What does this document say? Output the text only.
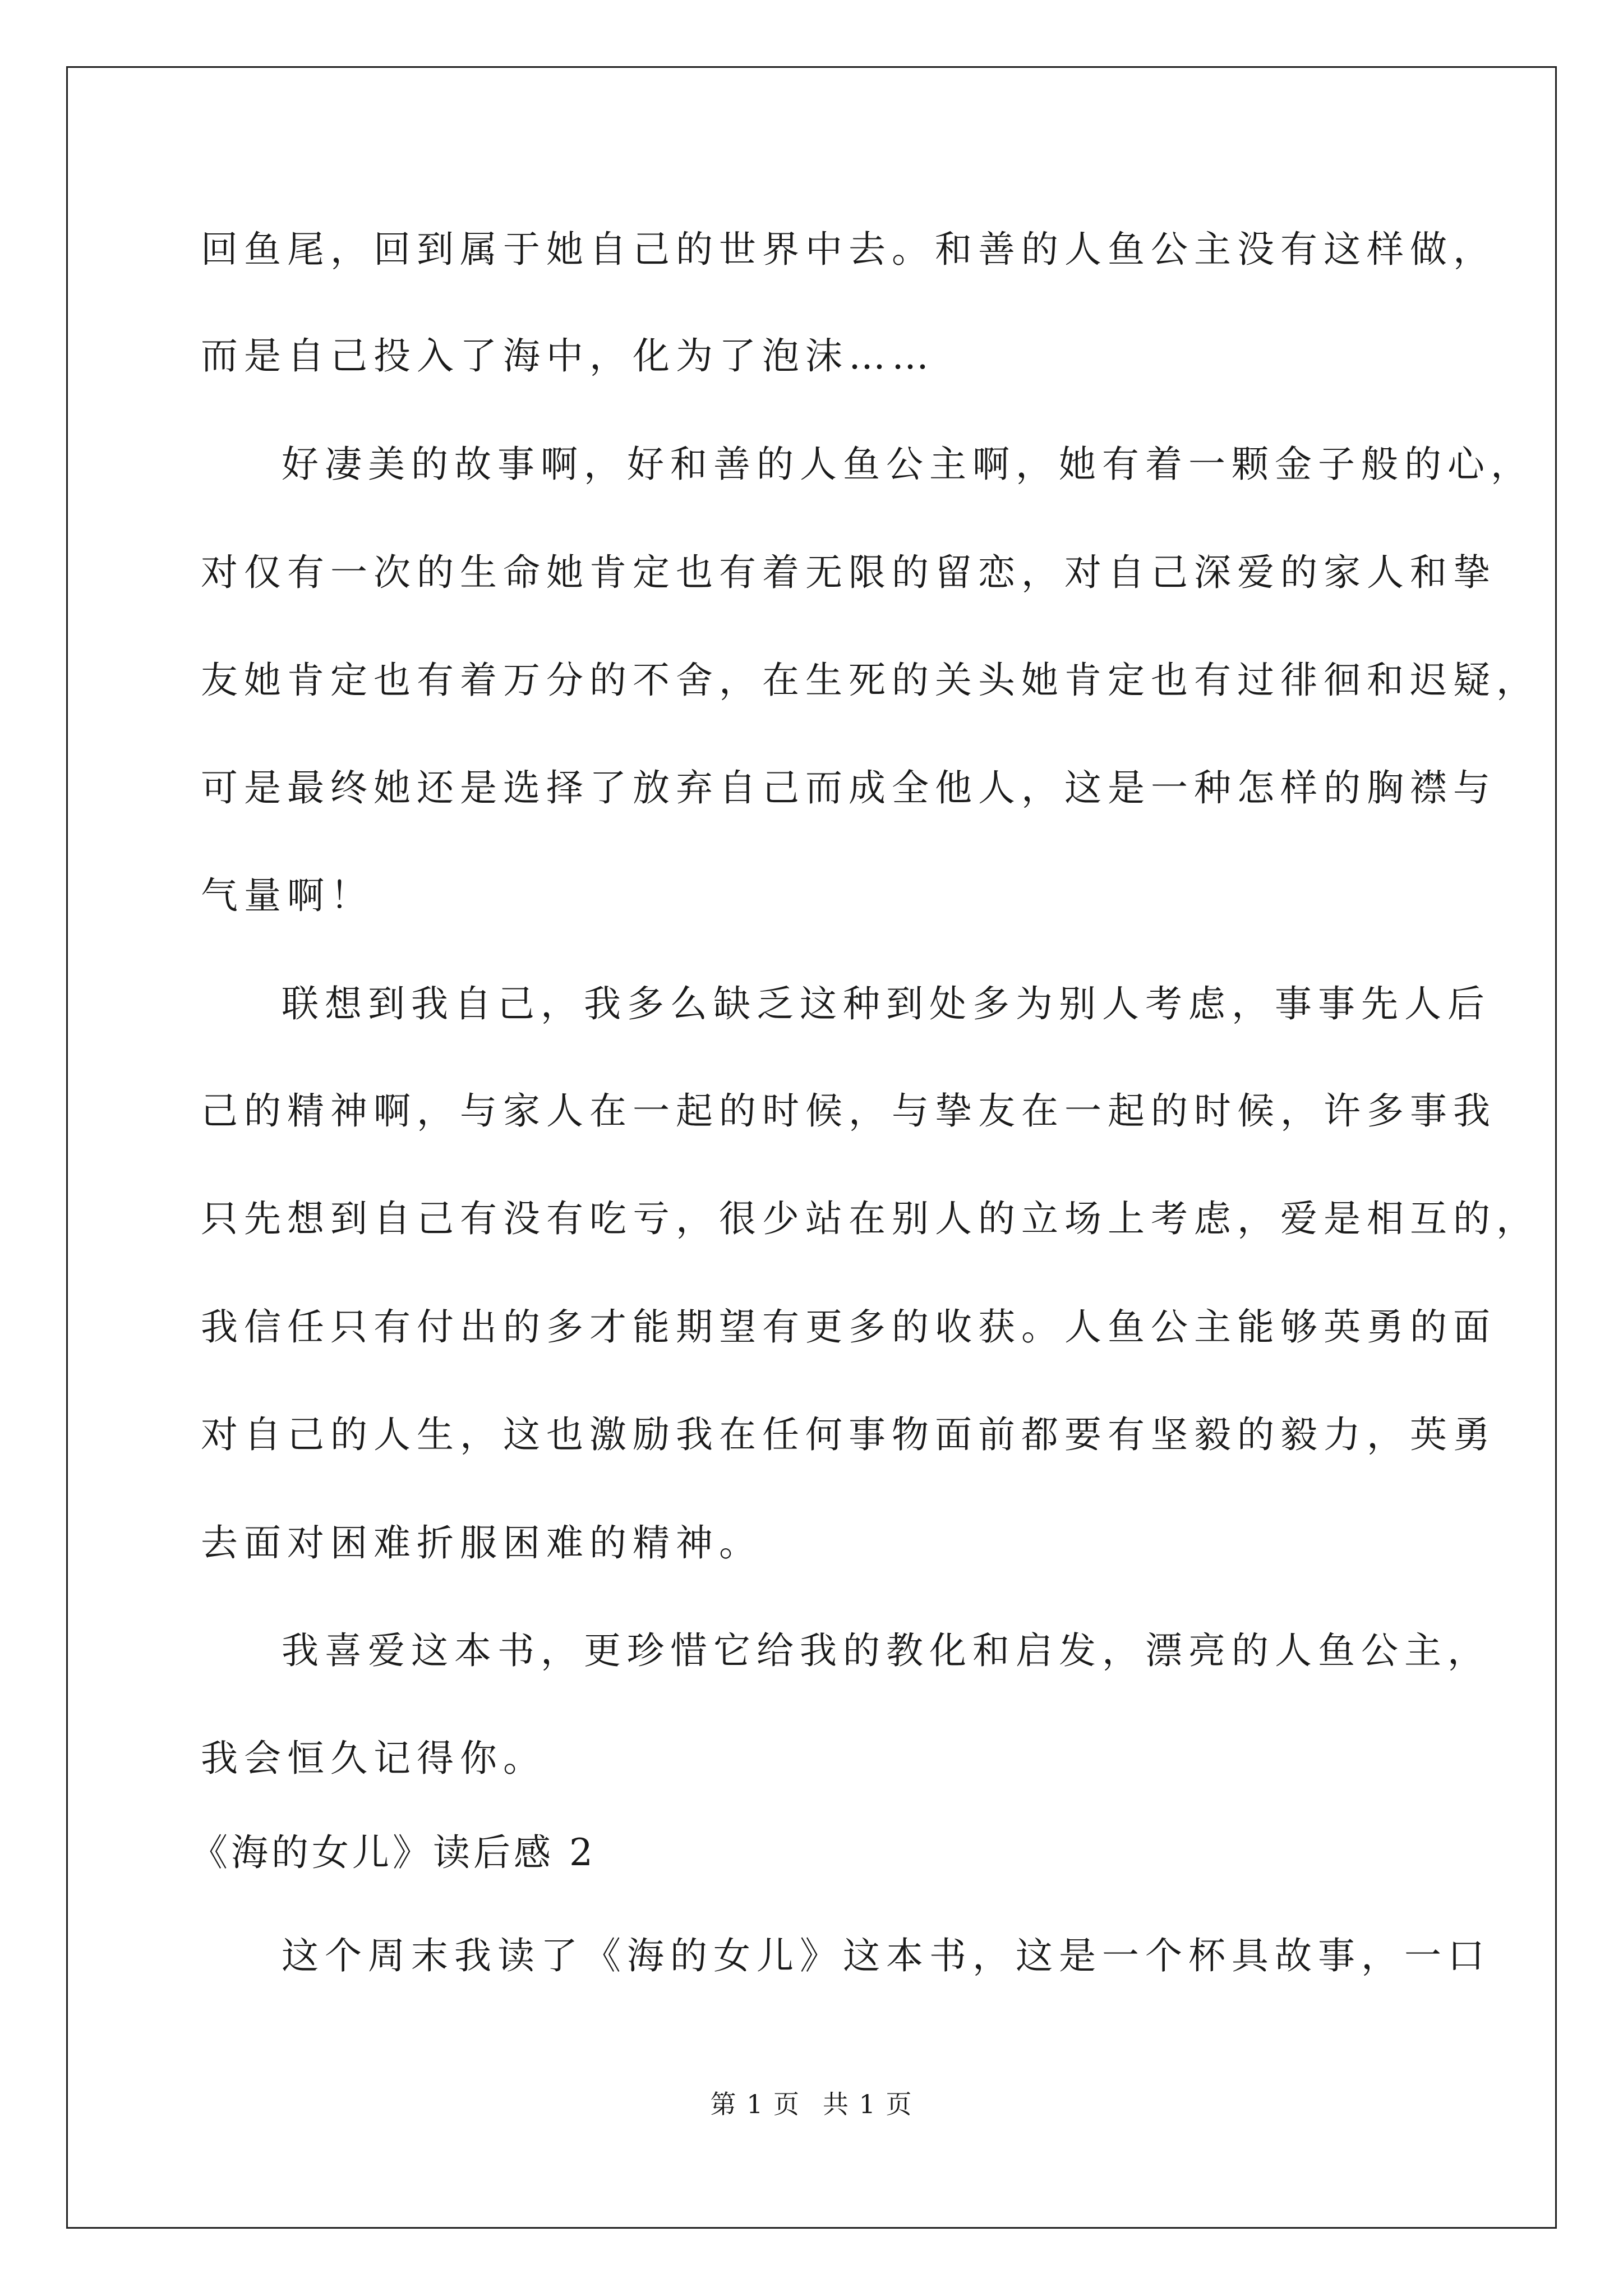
回鱼尾，回到属于她自己的世界中去。和善的人鱼公主没有这样做，
而是自己投入了海中，化为了泡沫……
好凄美的故事啊，好和善的人鱼公主啊，她有着一颗金子般的心，
对仅有一次的生命她肯定也有着无限的留恋，对自己深爱的家人和挚
友她肯定也有着万分的不舍，在生死的关头她肯定也有过徘徊和迟疑，
可是最终她还是选择了放弃自己而成全他人，这是一种怎样的胸襟与
气量啊！
联想到我自己，我多么缺乏这种到处多为别人考虑，事事先人后
己的精神啊，与家人在一起的时候，与挚友在一起的时候，许多事我
只先想到自己有没有吃亏，很少站在别人的立场上考虑，爱是相互的，
我信任只有付出的多才能期望有更多的收获。人鱼公主能够英勇的面
对自己的人生，这也激励我在任何事物面前都要有坚毅的毅力，英勇
去面对困难折服困难的精神。
我喜爱这本书，更珍惜它给我的教化和启发，漂亮的人鱼公主，
我会恒久记得你。
这个周末我读了《海的女儿》这本书，这是一个杯具故事，一口
《海的女儿》读后感 2
第 1 页 共 1 页
